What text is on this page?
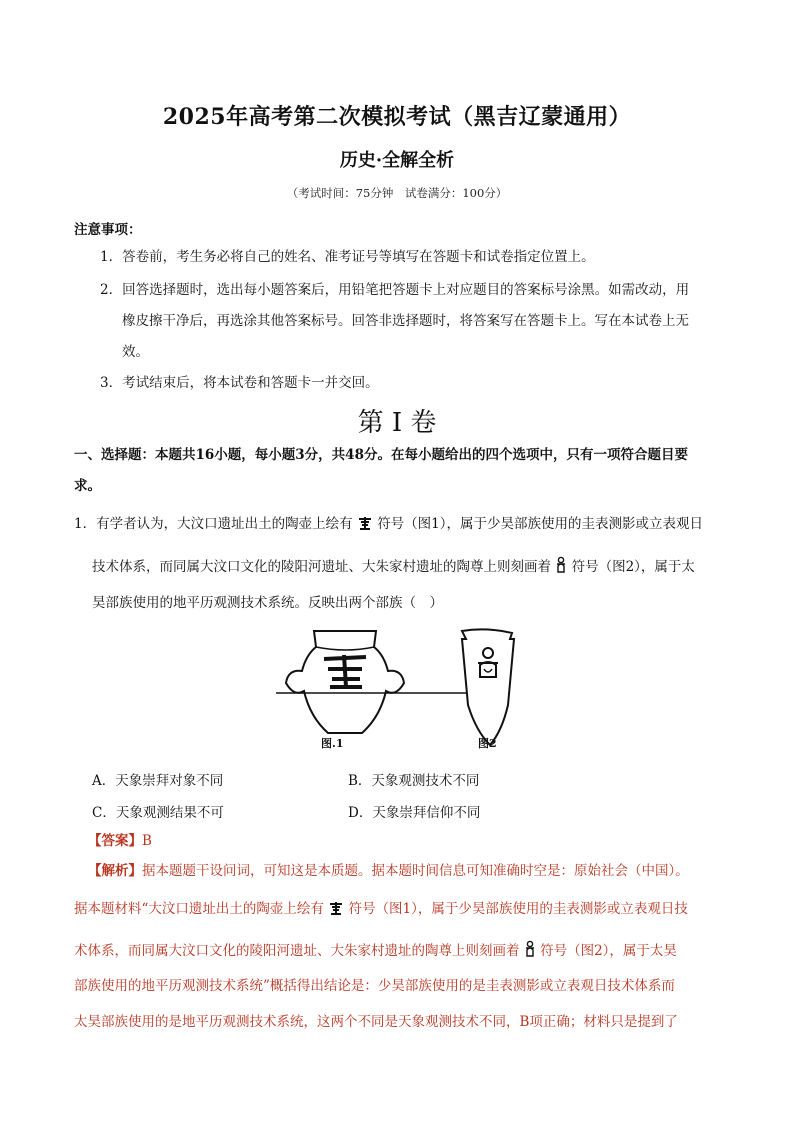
2025年高考第二次模拟考试（黑吉辽蒙通用）
历史·全解全析
（考试时间：75分钟　试卷满分：100分）
注意事项：
1．答卷前，考生务必将自己的姓名、准考证号等填写在答题卡和试卷指定位置上。
2．回答选择题时，选出每小题答案后，用铅笔把答题卡上对应题目的答案标号涂黑。如需改动，用
橡皮擦干净后，再选涂其他答案标号。回答非选择题时，将答案写在答题卡上。写在本试卷上无
效。
3．考试结束后，将本试卷和答题卡一并交回。
第 I 卷
一、选择题：本题共16小题，每小题3分，共48分。在每小题给出的四个选项中，只有一项符合题目要
求。
1．有学者认为，大汶口遗址出土的陶壶上绘有 符号（图1），属于少昊部族使用的圭表测影或立表观日
技术体系，而同属大汶口文化的陵阳河遗址、大朱家村遗址的陶尊上则刻画着 符号（图2），属于太
昊部族使用的地平历观测技术系统。反映出两个部族（　）
图.1	图2
A．天象崇拜对象不同	B．天象观测技术不同
C．天象观测结果不可	D．天象崇拜信仰不同
【答案】B
【解析】据本题题干设问词，可知这是本质题。据本题时间信息可知准确时空是：原始社会（中国）。
据本题材料“大汶口遗址出土的陶壶上绘有 符号（图1），属于少昊部族使用的圭表测影或立表观日技
术体系，而同属大汶口文化的陵阳河遗址、大朱家村遗址的陶尊上则刻画着 符号（图2），属于太昊
部族使用的地平历观测技术系统”概括得出结论是：少昊部族使用的是圭表测影或立表观日技术体系而
太昊部族使用的是地平历观测技术系统，这两个不同是天象观测技术不同，B项正确；材料只是提到了
